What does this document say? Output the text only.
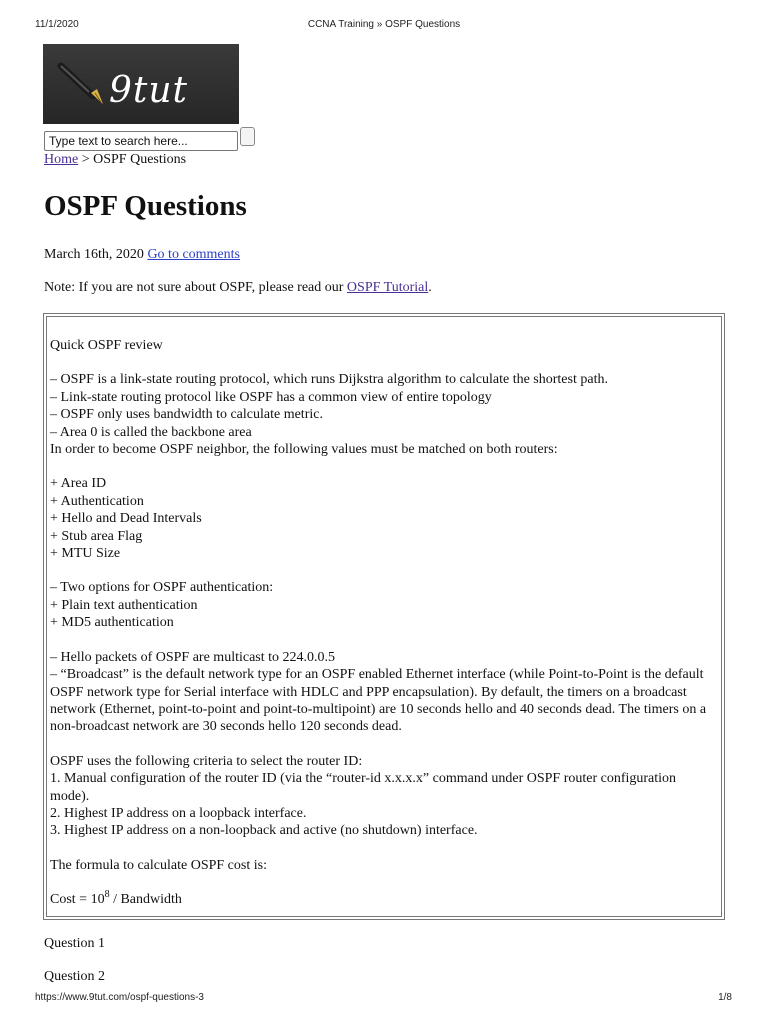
11/1/2020	CCNA Training » OSPF Questions
9tut
Type text to search here...
Home > OSPF Questions
OSPF Questions
March 16th, 2020 Go to comments
Note: If you are not sure about OSPF, please read our OSPF Tutorial.

Quick OSPF review

– OSPF is a link-state routing protocol, which runs Dijkstra algorithm to calculate the shortest path.

– Link-state routing protocol like OSPF has a common view of entire topology

– OSPF only uses bandwidth to calculate metric.

– Area 0 is called the backbone area

In order to become OSPF neighbor, the following values must be matched on both routers:

+ Area ID

+ Authentication

+ Hello and Dead Intervals

+ Stub area Flag

+ MTU Size

– Two options for OSPF authentication:

+ Plain text authentication

+ MD5 authentication

– Hello packets of OSPF are multicast to 224.0.0.5

– “Broadcast” is the default network type for an OSPF enabled Ethernet interface (while Point-to-Point is the default OSPF network type for Serial interface with HDLC and PPP encapsulation). By default, the timers on a broadcast network (Ethernet, point-to-point and point-to-multipoint) are 10 seconds hello and 40 seconds dead. The timers on a non-broadcast network are 30 seconds hello 120 seconds dead.

OSPF uses the following criteria to select the router ID:

1. Manual configuration of the router ID (via the “router-id x.x.x.x” command under OSPF router configuration mode).

2. Highest IP address on a loopback interface.

3. Highest IP address on a non-loopback and active (no shutdown) interface.

The formula to calculate OSPF cost is:

Cost = $10^8$ / Bandwidth

Question 1
Question 2
https://www.9tut.com/ospf-questions-3	1/8
